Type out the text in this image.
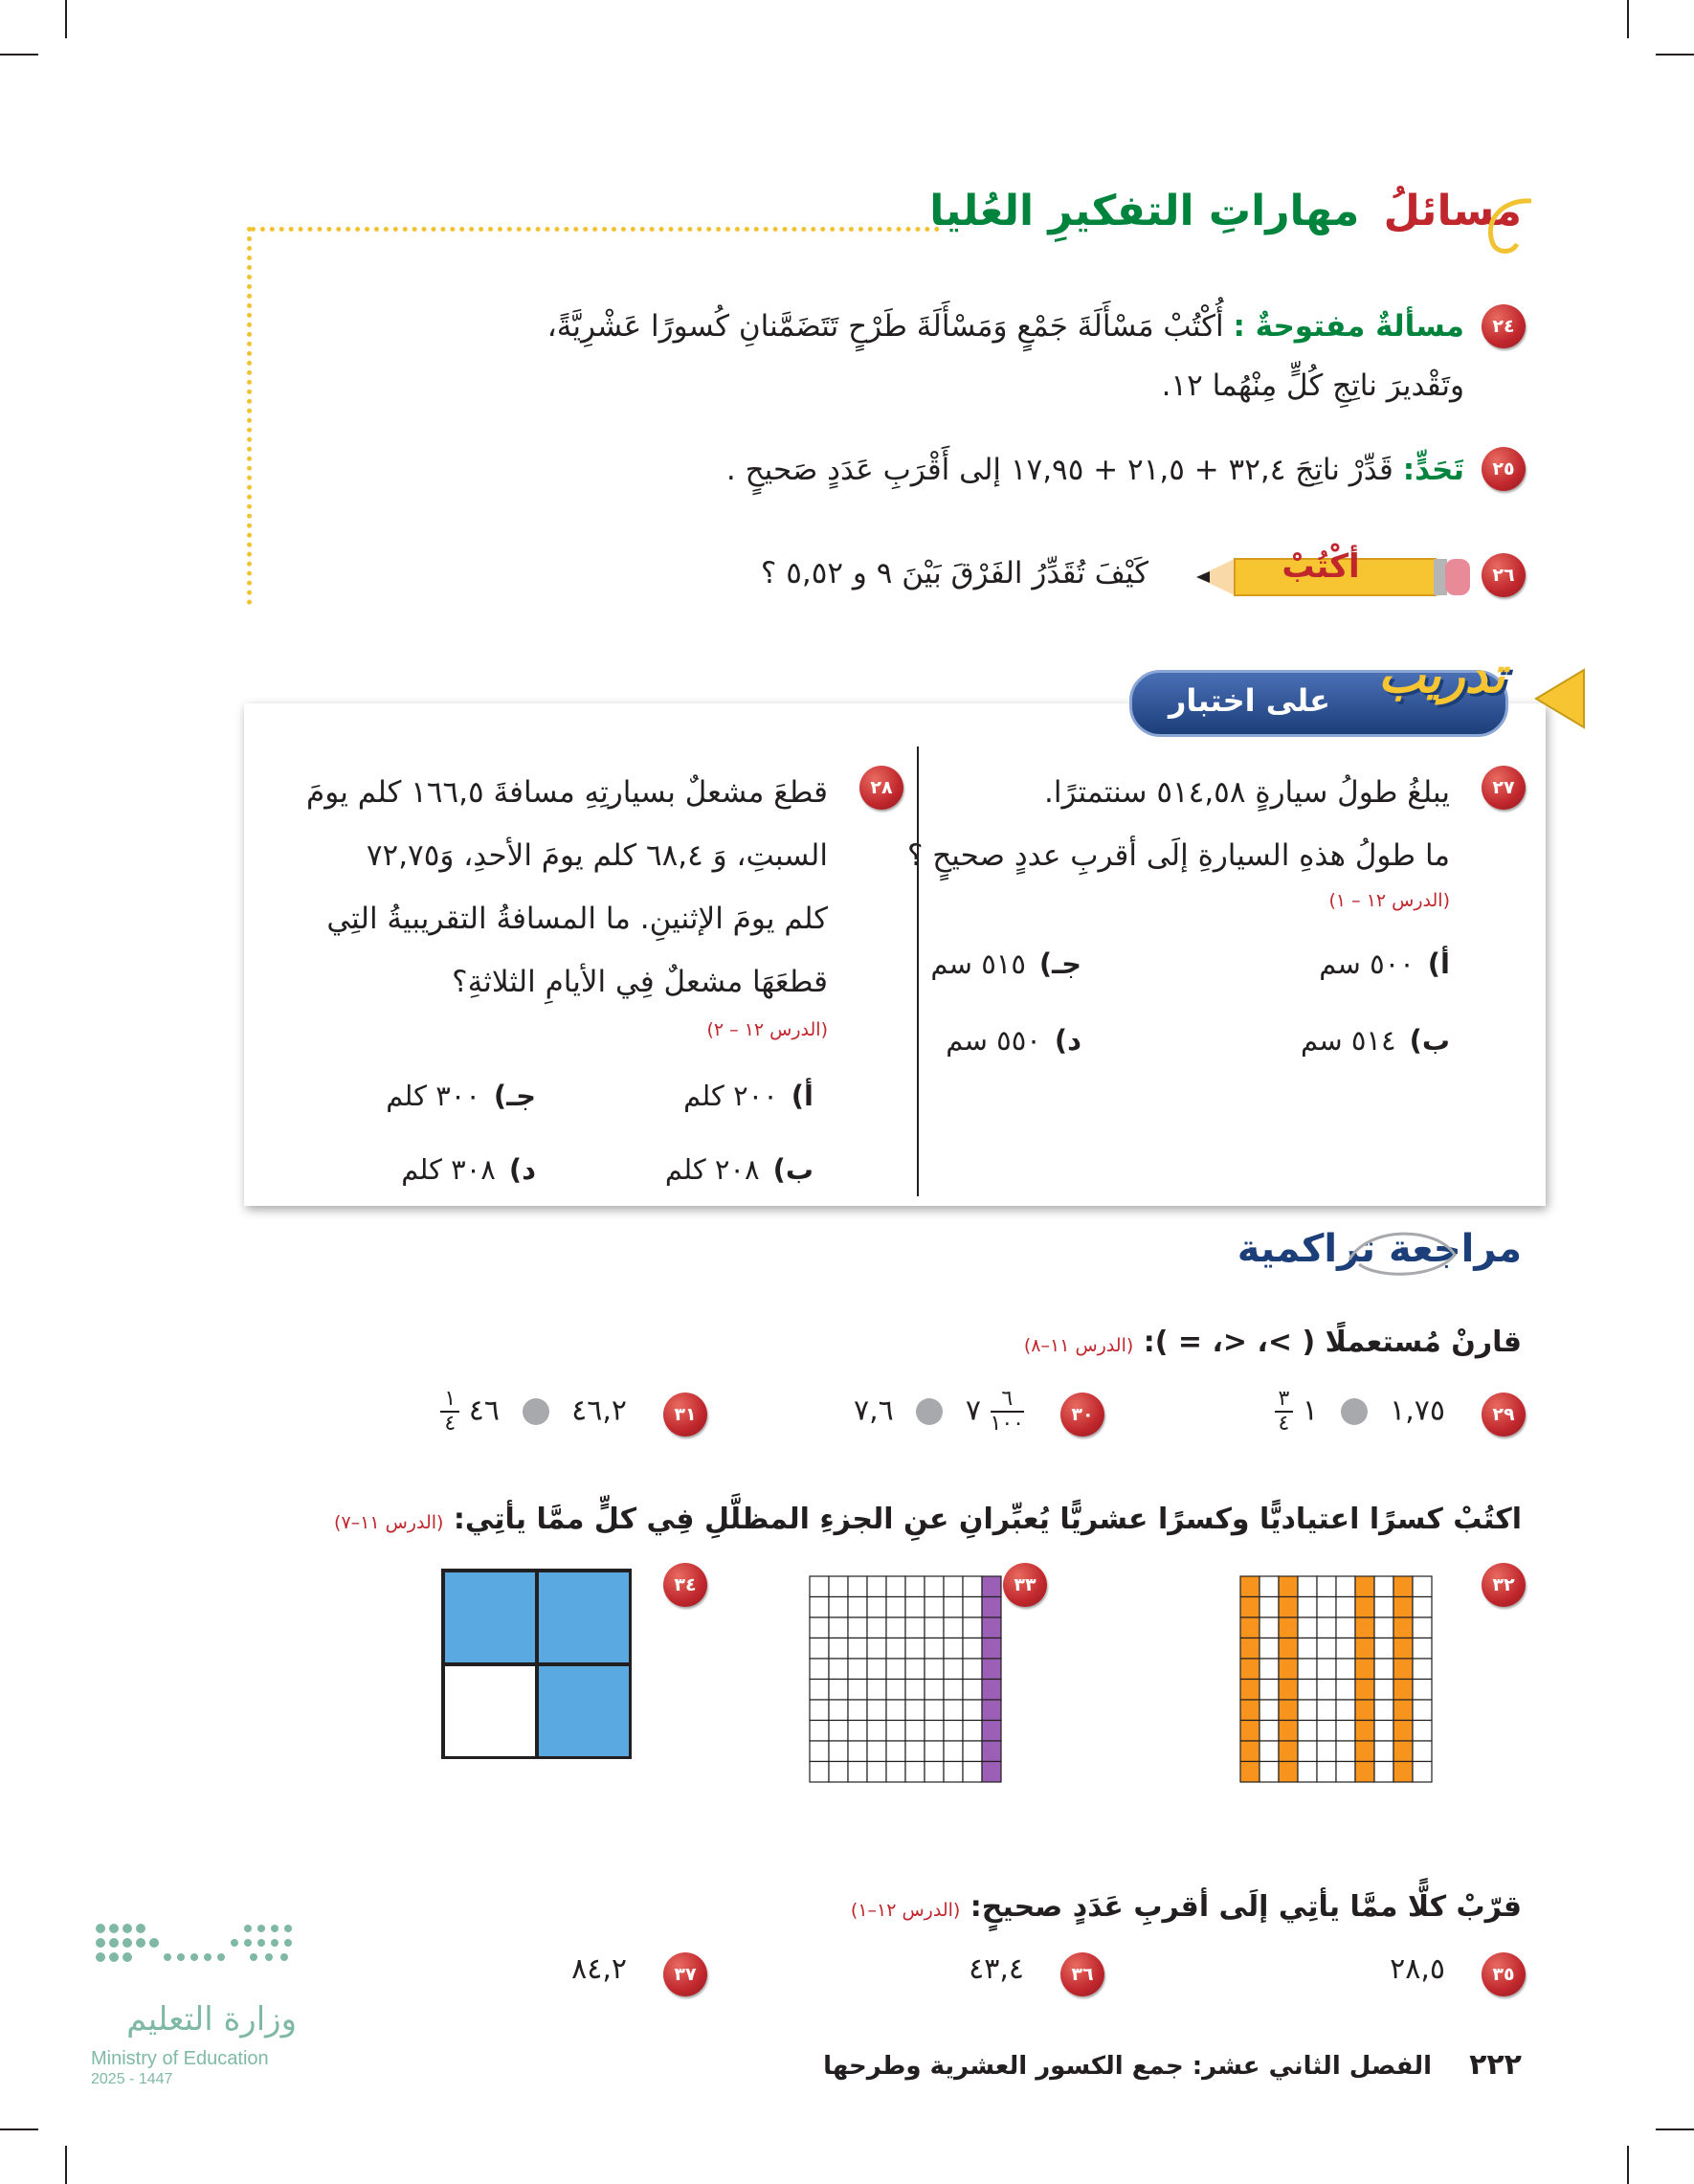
مسائلُ مهاراتِ التفكيرِ العُليا
٢٤
مسألةٌ مفتوحةٌ : أُكْتُبْ مَسْأَلَةَ جَمْعٍ وَمَسْأَلَةَ طَرْحٍ تَتَضَمَّنانِ كُسورًا عَشْرِيَّةً،
وتَقْديرَ ناتِجِ كُلٍّ مِنْهُما ١٢.
٢٥
تَحَدٍّ: قَدِّرْ ناتِجَ ٣٢,٤ + ٢١,٥ + ١٧,٩٥ إلى أَقْرَبِ عَدَدٍ صَحيحٍ .
٢٦
أكْتُبْ
كَيْفَ تُقَدِّرُ الفَرْقَ بَيْنَ ٩ و ٥,٥٢ ؟
على اختبار تدريب
٢٧
يبلغُ طولُ سيارةٍ ٥١٤,٥٨ سنتمترًا.
ما طولُ هذهِ السيارةِ إلَى أقربِ عددٍ صحيحٍ ؟
(الدرس ١٢ – ١)
أ)٥٠٠ سم
جـ)٥١٥ سم
ب)٥١٤ سم
د)٥٥٠ سم
٢٨
قطعَ مشعلٌ بسيارتِهِ مسافةَ ١٦٦,٥ كلم يومَ
السبتِ، وَ ٦٨,٤ كلم يومَ الأحدِ، وَ٧٢,٧٥
كلم يومَ الإثنينِ. ما المسافةُ التقريبيةُ التِي
قطعَهَا مشعلٌ فِي الأيامِ الثلاثةِ؟
(الدرس ١٢ – ٢)
أ)٢٠٠ كلم
جـ)٣٠٠ كلم
ب)٢٠٨ كلم
د)٣٠٨ كلم
مراجعة تراكمية
قارنْ مُستعملًا ( >، <، = ): (الدرس ١١–٨)
٢٩
١,٧٥  ١
$\frac{٣}{٤}$
٣٠
$\frac{٦}{١٠٠}$
٧  ٧,٦
٣١
٤٦,٢  ٤٦
$\frac{١}{٤}$
اكتُبْ كسرًا اعتياديًّا وكسرًا عشريًّا يُعبِّرانِ عنِ الجزءِ المظلَّلِ فِي كلٍّ ممَّا يأتِي: (الدرس ١١–٧)
٣٢
٣٣
٣٤
قرّبْ كلًّا ممَّا يأتِي إلَى أقربِ عَدَدٍ صحيحٍ: (الدرس ١٢–١)
٣٥
٢٨,٥
٣٦
٤٣,٤
٣٧
٨٤,٢
٢٢٢ الفصل الثاني عشر: جمع الكسور العشرية وطرحها
وزارة التعليم
Ministry of Education
2025 - 1447
